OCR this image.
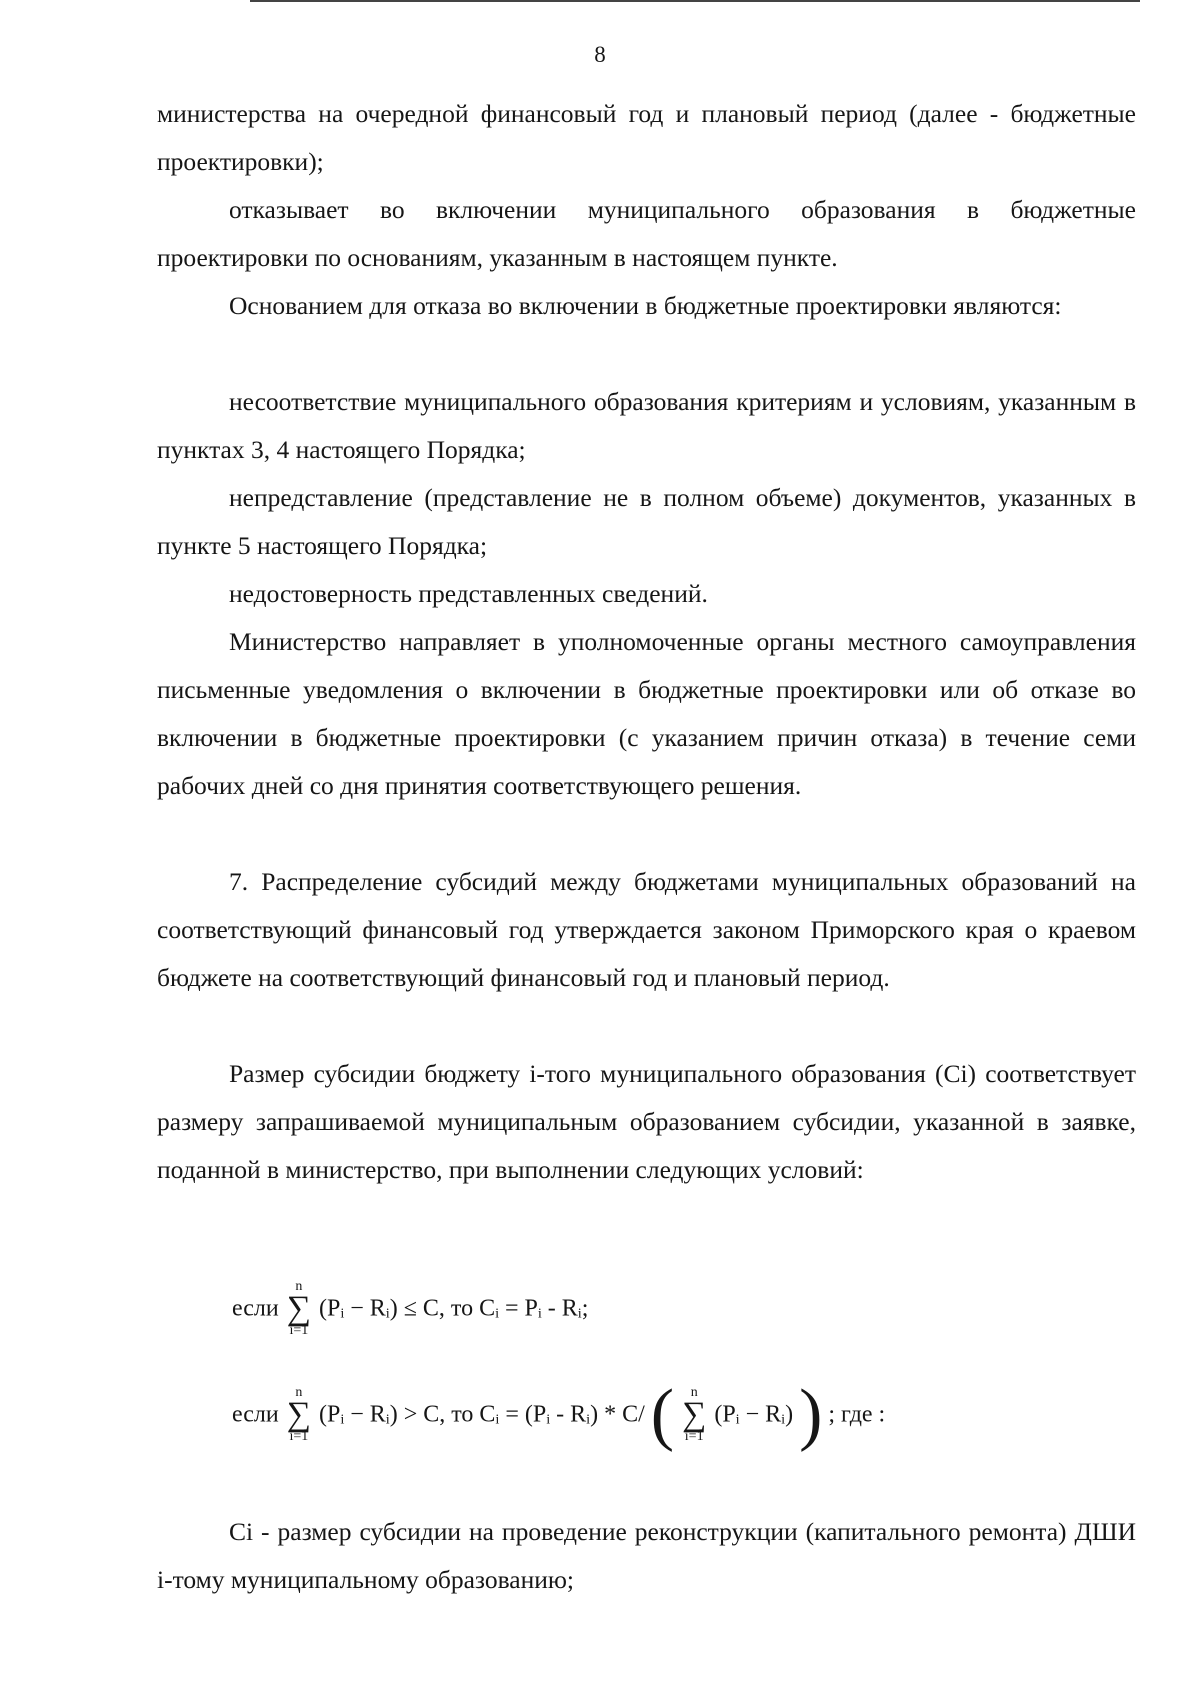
8
министерства на очередной финансовый год и плановый период (далее - бюджетные проектировки);
отказывает во включении муниципального образования в бюджетные проектировки по основаниям, указанным в настоящем пункте.
Основанием для отказа во включении в бюджетные проектировки являются:
несоответствие муниципального образования критериям и условиям, указанным в пунктах 3, 4 настоящего Порядка;
непредставление (представление не в полном объеме) документов, указанных в пункте 5 настоящего Порядка;
недостоверность представленных сведений.
Министерство направляет в уполномоченные органы местного самоуправления письменные уведомления о включении в бюджетные проектировки или об отказе во включении в бюджетные проектировки (с указанием причин отказа) в течение семи рабочих дней со дня принятия соответствующего решения.
7. Распределение субсидий между бюджетами муниципальных образований на соответствующий финансовый год утверждается законом Приморского края о краевом бюджете на соответствующий финансовый год и плановый период.
Размер субсидии бюджету i-того муниципального образования (Ci) соответствует размеру запрашиваемой муниципальным образованием субсидии, указанной в заявке, поданной в министерство, при выполнении следующих условий:
если
n
∑
i=1
(Pᵢ − Rᵢ) ≤ C, то Cᵢ = Pᵢ - Rᵢ;
если
n
∑
i=1
(Pᵢ − Rᵢ) > C, то Cᵢ = (Pᵢ - Rᵢ) * C/ ( n
∑
i=1
(Pᵢ − Rᵢ) ) ; где :
Ci - размер субсидии на проведение реконструкции (капитального ремонта) ДШИ i-тому муниципальному образованию;
